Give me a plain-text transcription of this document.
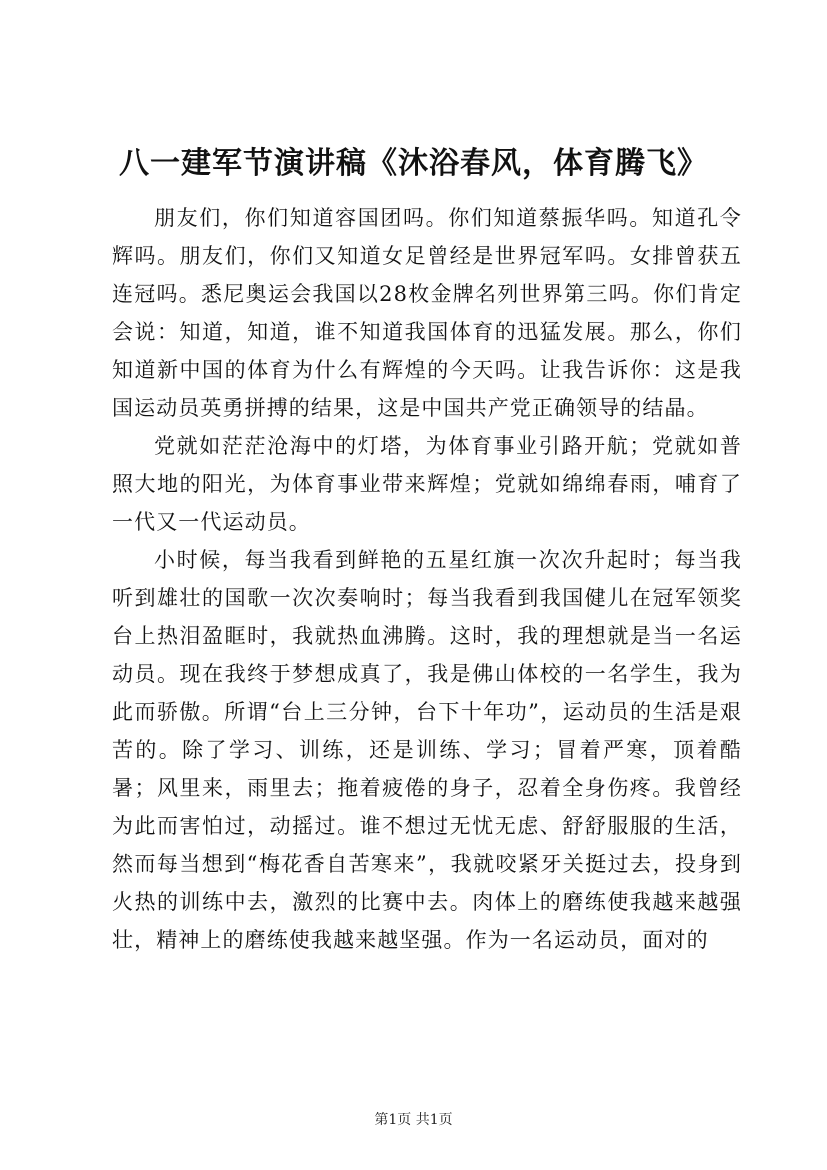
八一建军节演讲稿《沐浴春风，体育腾飞》

朋友们，你们知道容国团吗。你们知道蔡振华吗。知道孔令辉吗。朋友们，你们又知道女足曾经是世界冠军吗。女排曾获五连冠吗。悉尼奥运会我国以28枚金牌名列世界第三吗。你们肯定会说：知道，知道，谁不知道我国体育的迅猛发展。那么，你们知道新中国的体育为什么有辉煌的今天吗。让我告诉你：这是我国运动员英勇拼搏的结果，这是中国共产党正确领导的结晶。

党就如茫茫沧海中的灯塔，为体育事业引路开航；党就如普照大地的阳光，为体育事业带来辉煌；党就如绵绵春雨，哺育了一代又一代运动员。

小时候，每当我看到鲜艳的五星红旗一次次升起时；每当我听到雄壮的国歌一次次奏响时；每当我看到我国健儿在冠军领奖台上热泪盈眶时，我就热血沸腾。这时，我的理想就是当一名运动员。现在我终于梦想成真了，我是佛山体校的一名学生，我为此而骄傲。所谓“台上三分钟，台下十年功”，运动员的生活是艰苦的。除了学习、训练，还是训练、学习；冒着严寒，顶着酷暑；风里来，雨里去；拖着疲倦的身子，忍着全身伤疼。我曾经为此而害怕过，动摇过。谁不想过无忧无虑、舒舒服服的生活，然而每当想到“梅花香自苦寒来”，我就咬紧牙关挺过去，投身到火热的训练中去，激烈的比赛中去。肉体上的磨练使我越来越强壮，精神上的磨练使我越来越坚强。作为一名运动员，面对的

第1页 共1页
